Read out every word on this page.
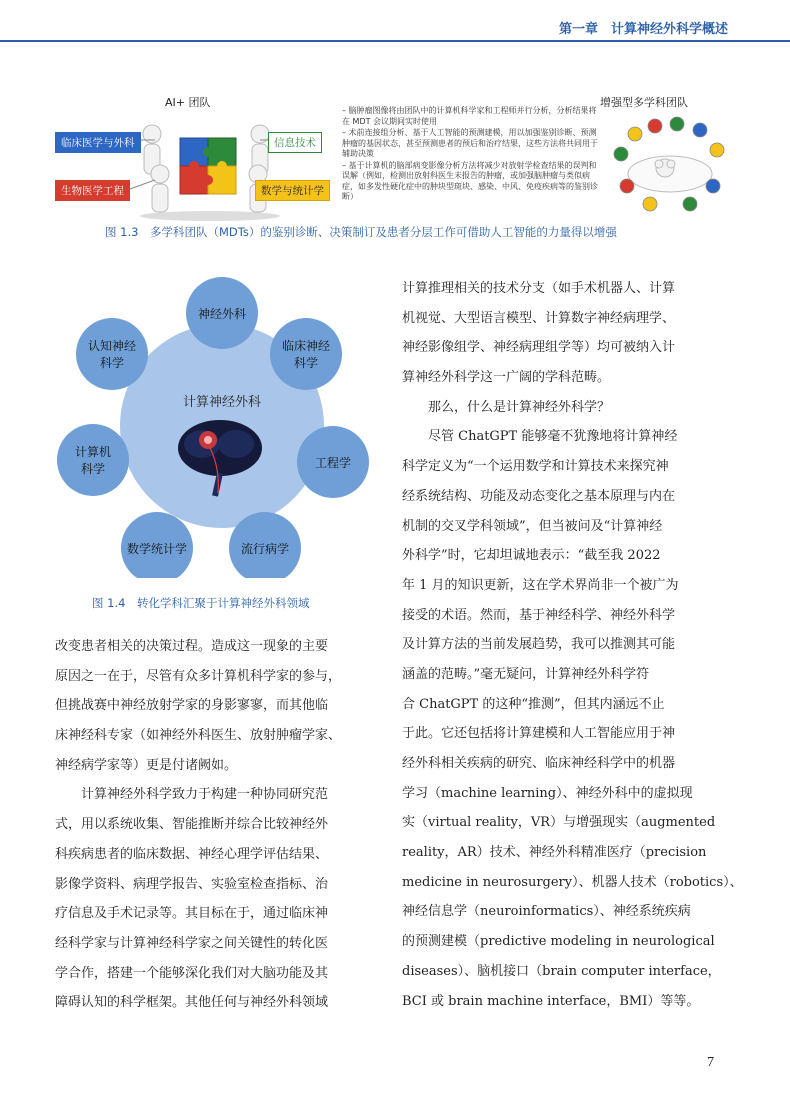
第一章　计算神经外科学概述
AI+ 团队
临床医学与外科	信息技术
生物医学工程	数学与统计学

– 脑肿瘤图像将由团队中的计算机科学家和工程师并行分析，分析结果将在 MDT 会议期间实时使用

– 术前连接组分析、基于人工智能的预测建模，用以加强鉴别诊断、预测肿瘤的基因状态，甚至预测患者的预后和治疗结果，这些方法将共同用于辅助决策

– 基于计算机的脑部病变影像分析方法将减少对放射学检查结果的误判和误解（例如，检测出放射科医生未报告的肿瘤，或加强脑肿瘤与类似病症，如多发性硬化症中的肿块型斑块、感染、中风、免疫疾病等的鉴别诊断）

增强型多学科团队
图 1.3　多学科团队（MDTs）的鉴别诊断、决策制订及患者分层工作可借助人工智能的力量得以增强
计算神经外科
神经外科
临床神经
科学
工程学
流行病学
数学统计学
计算机
科学
认知神经
科学
图 1.4　转化学科汇聚于计算神经外科领域
改变患者相关的决策过程。造成这一现象的主要
原因之一在于，尽管有众多计算机科学家的参与，
但挑战赛中神经放射学家的身影寥寥，而其他临
床神经科专家（如神经外科医生、放射肿瘤学家、
神经病学家等）更是付诸阙如。
　　计算神经外科学致力于构建一种协同研究范
式，用以系统收集、智能推断并综合比较神经外
科疾病患者的临床数据、神经心理学评估结果、
影像学资料、病理学报告、实验室检查指标、治
疗信息及手术记录等。其目标在于，通过临床神
经科学家与计算神经科学家之间关键性的转化医
学合作，搭建一个能够深化我们对大脑功能及其
障碍认知的科学框架。其他任何与神经外科领域
计算推理相关的技术分支（如手术机器人、计算
机视觉、大型语言模型、计算数字神经病理学、
神经影像组学、神经病理组学等）均可被纳入计
算神经外科学这一广阔的学科范畴。
　　那么，什么是计算神经外科学？
　　尽管 ChatGPT 能够毫不犹豫地将计算神经
科学定义为“一个运用数学和计算技术来探究神
经系统结构、功能及动态变化之基本原理与内在
机制的交叉学科领域”，但当被问及“计算神经
外科学”时，它却坦诚地表示：“截至我 2022
年 1 月的知识更新，这在学术界尚非一个被广为
接受的术语。然而，基于神经科学、神经外科学
及计算方法的当前发展趋势，我可以推测其可能
涵盖的范畴。”毫无疑问，计算神经外科学符
合 ChatGPT 的这种“推测”，但其内涵远不止
于此。它还包括将计算建模和人工智能应用于神
经外科相关疾病的研究、临床神经科学中的机器
学习（machine learning）、神经外科中的虚拟现
实（virtual reality，VR）与增强现实（augmented
reality，AR）技术、神经外科精准医疗（precision
medicine in neurosurgery）、机器人技术（robotics）、
神经信息学（neuroinformatics）、神经系统疾病
的预测建模（predictive modeling in neurological
diseases）、脑机接口（brain computer interface，
BCI 或 brain machine interface，BMI）等等。
7
